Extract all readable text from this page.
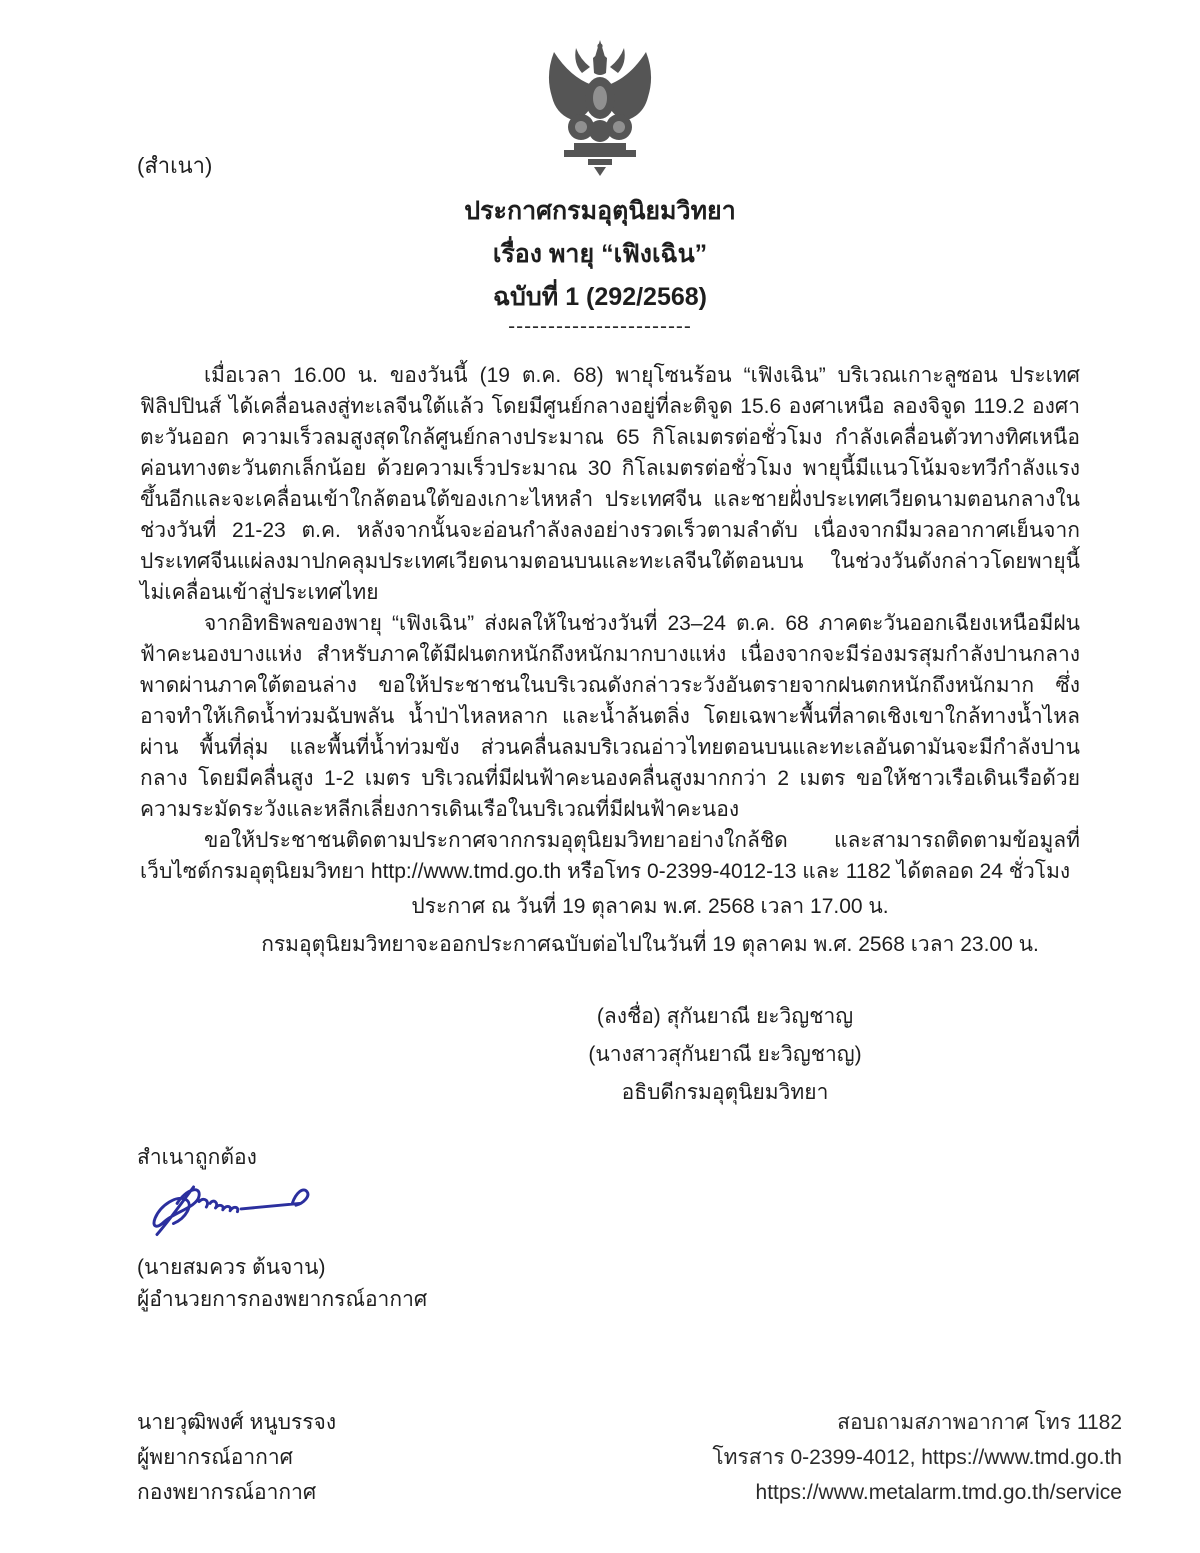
(สำเนา)
ประกาศกรมอุตุนิยมวิทยา
เรื่อง พายุ “เฟิงเฉิน”
ฉบับที่ 1 (292/2568)
-----------------------

เมื่อเวลา 16.00 น. ของวันนี้ (19 ต.ค. 68) พายุโซนร้อน “เฟิงเฉิน” บริเวณเกาะลูซอน ประเทศฟิลิปปินส์ ได้เคลื่อนลงสู่ทะเลจีนใต้แล้ว โดยมีศูนย์กลางอยู่ที่ละติจูด 15.6 องศาเหนือ ลองจิจูด 119.2 องศาตะวันออก ความเร็วลมสูงสุดใกล้ศูนย์กลางประมาณ 65 กิโลเมตรต่อชั่วโมง กำลังเคลื่อนตัวทางทิศเหนือค่อนทางตะวันตกเล็กน้อย ด้วยความเร็วประมาณ 30 กิโลเมตรต่อชั่วโมง พายุนี้มีแนวโน้มจะทวีกำลังแรงขึ้นอีกและจะเคลื่อนเข้าใกล้ตอนใต้ของเกาะไหหลำ ประเทศจีน และชายฝั่งประเทศเวียดนามตอนกลางในช่วงวันที่ 21-23 ต.ค. หลังจากนั้นจะอ่อนกำลังลงอย่างรวดเร็วตามลำดับ เนื่องจากมีมวลอากาศเย็นจากประเทศจีนแผ่ลงมาปกคลุมประเทศเวียดนามตอนบนและทะเลจีนใต้ตอนบน ในช่วงวันดังกล่าวโดยพายุนี้ไม่เคลื่อนเข้าสู่ประเทศไทย

จากอิทธิพลของพายุ “เฟิงเฉิน” ส่งผลให้ในช่วงวันที่ 23–24 ต.ค. 68 ภาคตะวันออกเฉียงเหนือมีฝนฟ้าคะนองบางแห่ง สำหรับภาคใต้มีฝนตกหนักถึงหนักมากบางแห่ง เนื่องจากจะมีร่องมรสุมกำลังปานกลางพาดผ่านภาคใต้ตอนล่าง ขอให้ประชาชนในบริเวณดังกล่าวระวังอันตรายจากฝนตกหนักถึงหนักมาก ซึ่งอาจทำให้เกิดน้ำท่วมฉับพลัน น้ำป่าไหลหลาก และน้ำล้นตลิ่ง โดยเฉพาะพื้นที่ลาดเชิงเขาใกล้ทางน้ำไหลผ่าน พื้นที่ลุ่ม และพื้นที่น้ำท่วมขัง ส่วนคลื่นลมบริเวณอ่าวไทยตอนบนและทะเลอันดามันจะมีกำลังปานกลาง โดยมีคลื่นสูง 1-2 เมตร บริเวณที่มีฝนฟ้าคะนองคลื่นสูงมากกว่า 2 เมตร ขอให้ชาวเรือเดินเรือด้วยความระมัดระวังและหลีกเลี่ยงการเดินเรือในบริเวณที่มีฝนฟ้าคะนอง

ขอให้ประชาชนติดตามประกาศจากกรมอุตุนิยมวิทยาอย่างใกล้ชิด และสามารถติดตามข้อมูลที่เว็บไซต์กรมอุตุนิยมวิทยา http://www.tmd.go.th หรือโทร 0-2399-4012-13 และ 1182 ได้ตลอด 24 ชั่วโมง

ประกาศ ณ วันที่ 19 ตุลาคม พ.ศ. 2568 เวลา 17.00 น.
กรมอุตุนิยมวิทยาจะออกประกาศฉบับต่อไปในวันที่ 19 ตุลาคม พ.ศ. 2568 เวลา 23.00 น.
(ลงชื่อ) สุกันยาณี ยะวิญชาญ
(นางสาวสุกันยาณี ยะวิญชาญ)
อธิบดีกรมอุตุนิยมวิทยา
สำเนาถูกต้อง
(นายสมควร ต้นจาน)
ผู้อำนวยการกองพยากรณ์อากาศ
นายวุฒิพงศ์ หนูบรรจง
ผู้พยากรณ์อากาศ
กองพยากรณ์อากาศ
สอบถามสภาพอากาศ โทร 1182
โทรสาร 0-2399-4012, https://www.tmd.go.th
https://www.metalarm.tmd.go.th/service
